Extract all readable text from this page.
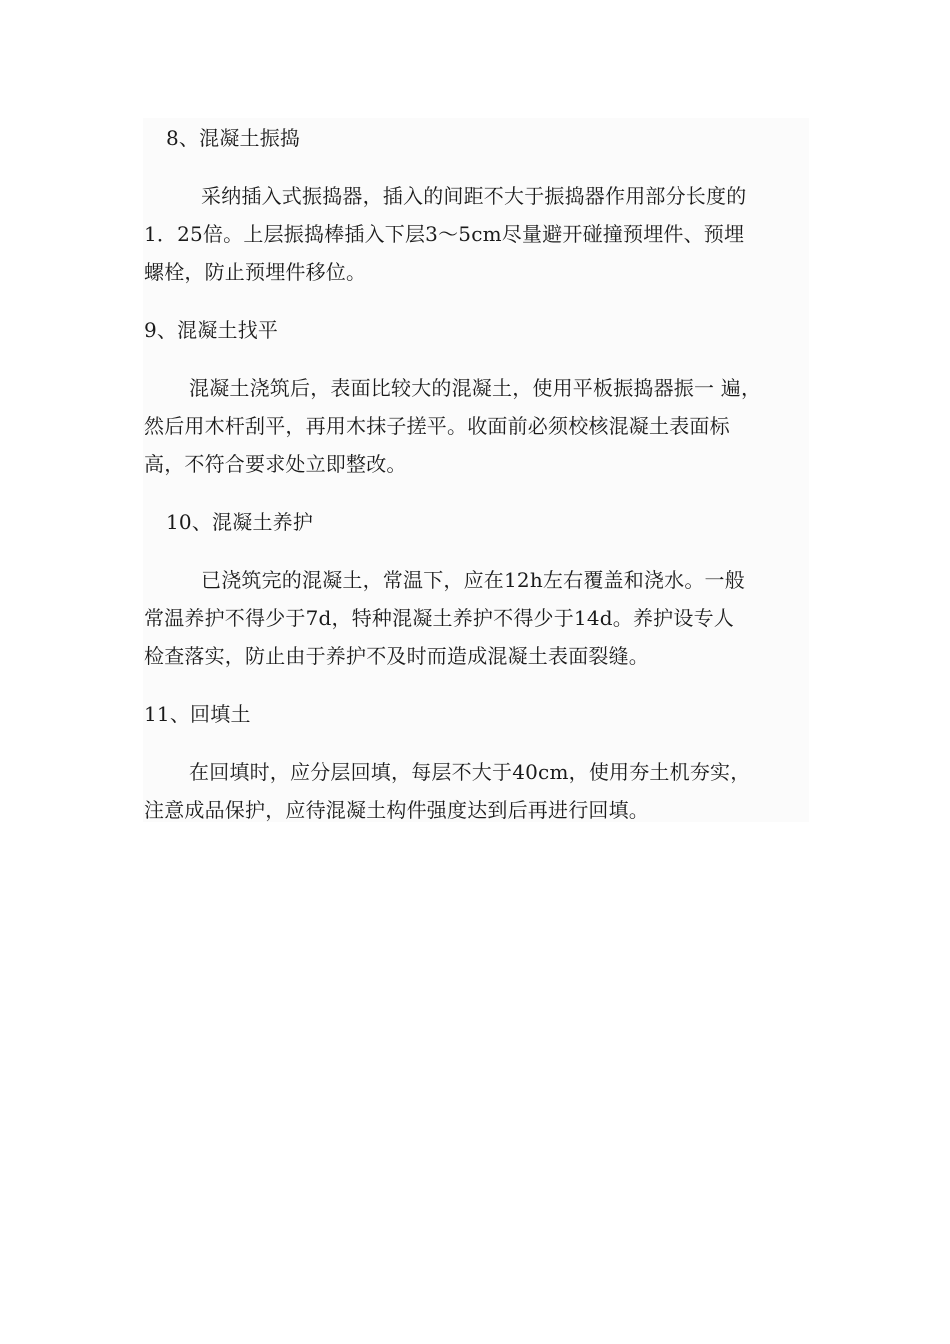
8、混凝土振捣
采纳插入式振捣器，插入的间距不大于振捣器作用部分长度的
1．25倍。上层振捣棒插入下层3～5cm尽量避开碰撞预埋件、预埋
螺栓，防止预埋件移位。
9、混凝土找平
混凝土浇筑后，表面比较大的混凝土，使用平板振捣器振一 遍，
然后用木杆刮平，再用木抹子搓平。收面前必须校核混凝土表面标
高，不符合要求处立即整改。
10、混凝土养护
已浇筑完的混凝土，常温下，应在12h左右覆盖和浇水。一般
常温养护不得少于7d，特种混凝土养护不得少于14d。养护设专人
检查落实，防止由于养护不及时而造成混凝土表面裂缝。
11、回填土
在回填时，应分层回填，每层不大于40cm，使用夯土机夯实，
注意成品保护，应待混凝土构件强度达到后再进行回填。
